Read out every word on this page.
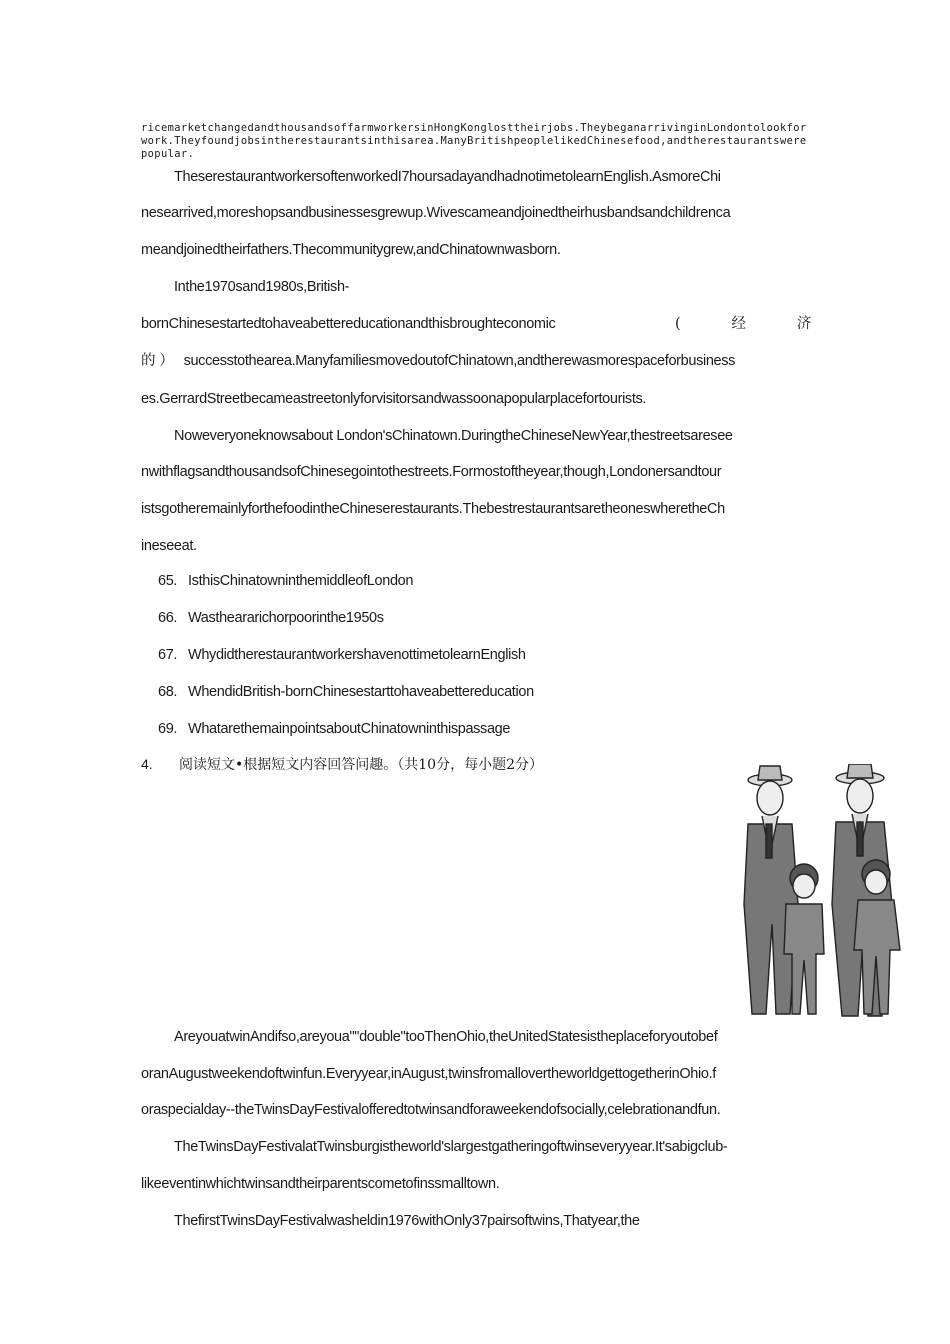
ricemarketchangedandthousandsoffarmworkersinHongKonglosttheirjobs.TheybeganarrivinginLondontolookforwork.Theyfoundjobsintherestaurantsinthisarea.ManyBritishpeoplelikedChinesefood,andtherestaurantswerepopular.
TheserestaurantworkersoftenworkedI7hoursadayandhadnotimetolearnEnglish.AsmoreChi
nesearrived,moreshopsandbusinessesgrewup.Wivescameandjoinedtheirhusbandsandchildrenca
meandjoinedtheirfathers.Thecommunitygrew,andChinatownwasborn.
Inthe1970sand1980s,British-
bornChinesestartedtohaveabettereducationandthisbroughteconomic	(	经	济
的 ） successtothearea.ManyfamiliesmovedoutofChinatown,andtherewasmorespaceforbusiness
es.GerrardStreetbecameastreetonlyforvisitorsandwassoonapopularplacefortourists.
Noweveryoneknowsabout London'sChinatown.DuringtheChineseNewYear,thestreetsaresee
nwithflagsandthousandsofChinesegointothestreets.Formostoftheyear,though,Londonersandtour
istsgotheremainlyforthefoodintheChineserestaurants.ThebestrestaurantsaretheoneswheretheCh
ineseeat.
65. IsthisChinatowninthemiddleofLondon
66. Wastheararichorpoorinthe1950s
67. WhydidtherestaurantworkershavenottimetolearnEnglish
68. WhendidBritish-bornChinesestarttohaveabettereducation
69. WhatarethemainpointsaboutChinatowninthispassage
4. 阅读短文•根据短文内容回答问趣。（共10分，每小题2分）
AreyouatwinAndifso,areyoua""double"tooThenOhio,theUnitedStatesistheplaceforyoutobef
oranAugustweekendoftwinfun.Everyyear,inAugust,twinsfromallovertheworldgettogetherinOhio.f
oraspecialday--theTwinsDayFestivalofferedtotwinsandforaweekendofsocially,celebrationandfun.
TheTwinsDayFestivalatTwinsburgistheworld'slargestgatheringoftwinseveryyear.It'sabigclub-
likeeventinwhichtwinsandtheirparentscometofinssmalltown.
ThefirstTwinsDayFestivalwasheldin1976withOnly37pairsoftwins,Thatyear,the
